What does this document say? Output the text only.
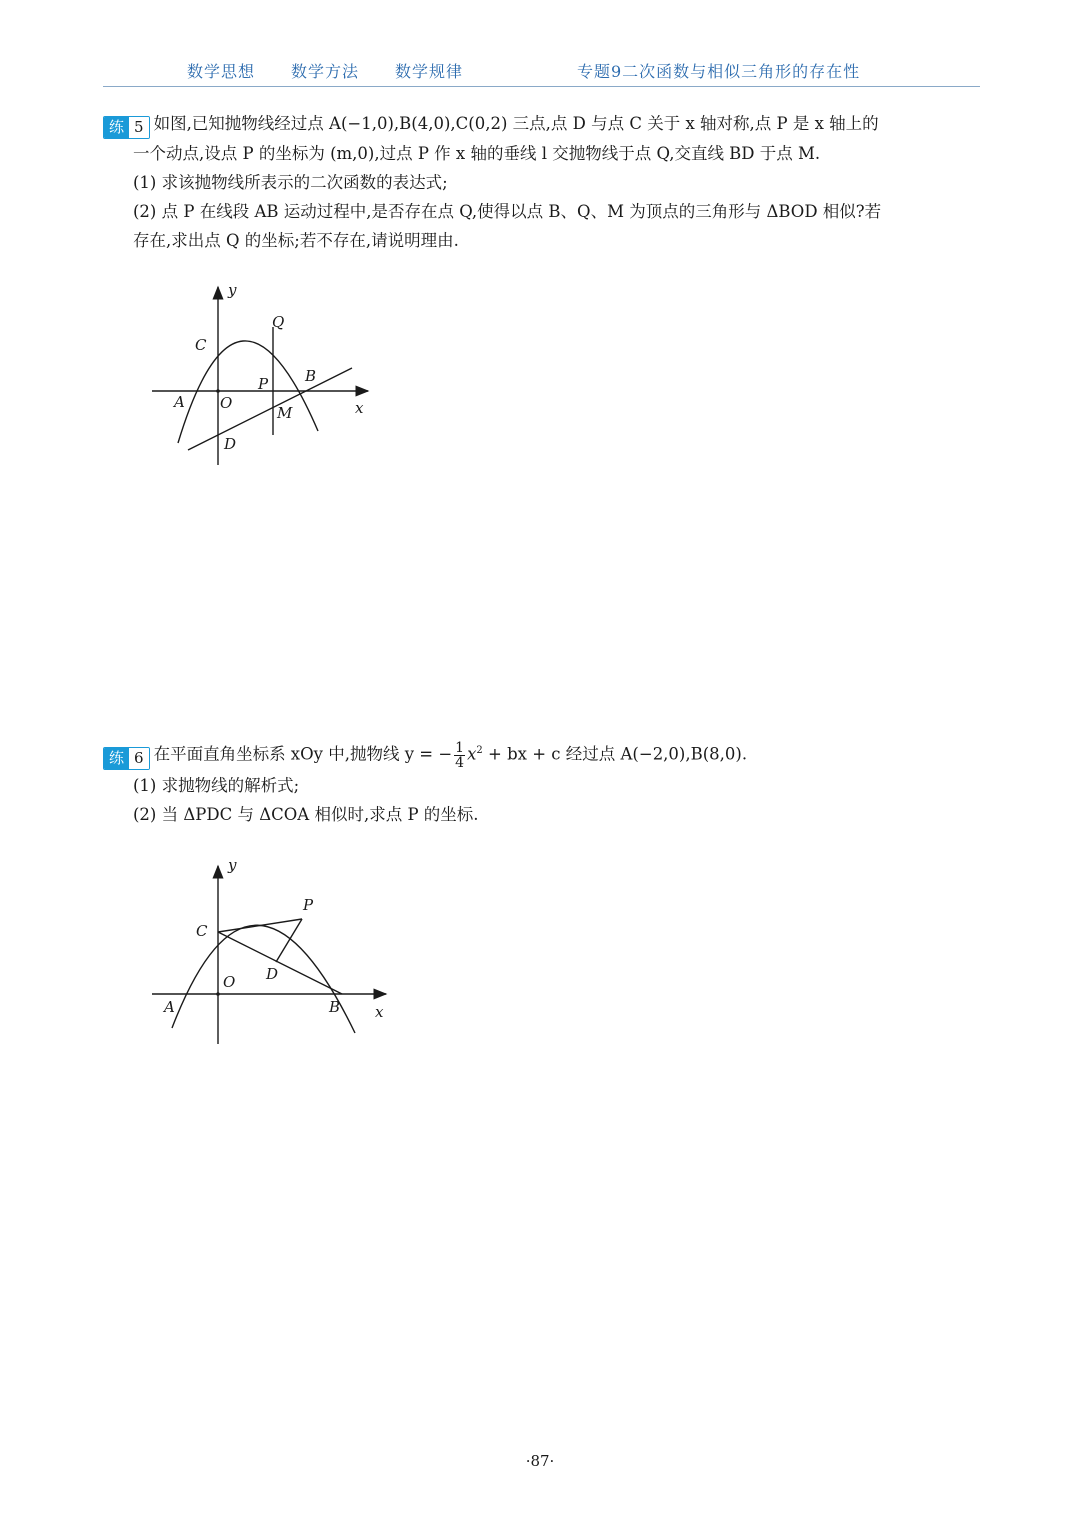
数学思想 数学方法 数学规律	专题9二次函数与相似三角形的存在性

练 5 如图,已知抛物线经过点 A(−1,0),B(4,0),C(0,2) 三点,点 D 与点 C 关于 x 轴对称,点 P 是 x 轴上的

一个动点,设点 P 的坐标为 (m,0),过点 P 作 x 轴的垂线 l 交抛物线于点 Q,交直线 BD 于点 M.

(1) 求该抛物线所表示的二次函数的表达式;

(2) 点 P 在线段 AB 运动过程中,是否存在点 Q,使得以点 B、Q、M 为顶点的三角形与 ΔBOD 相似?若

存在,求出点 Q 的坐标;若不存在,请说明理由.

y
x
A O
C
Q
P B
M
D

练 6 在平面直角坐标系 xOy 中,抛物线 y = − $\frac{1}{4} x^2$ + bx + c 经过点 A(−2,0),B(8,0).

(1) 求抛物线的解析式;

(2) 当 ΔPDC 与 ΔCOA 相似时,求点 P 的坐标.

y
x
A
O
C
P
D
B
·87·
